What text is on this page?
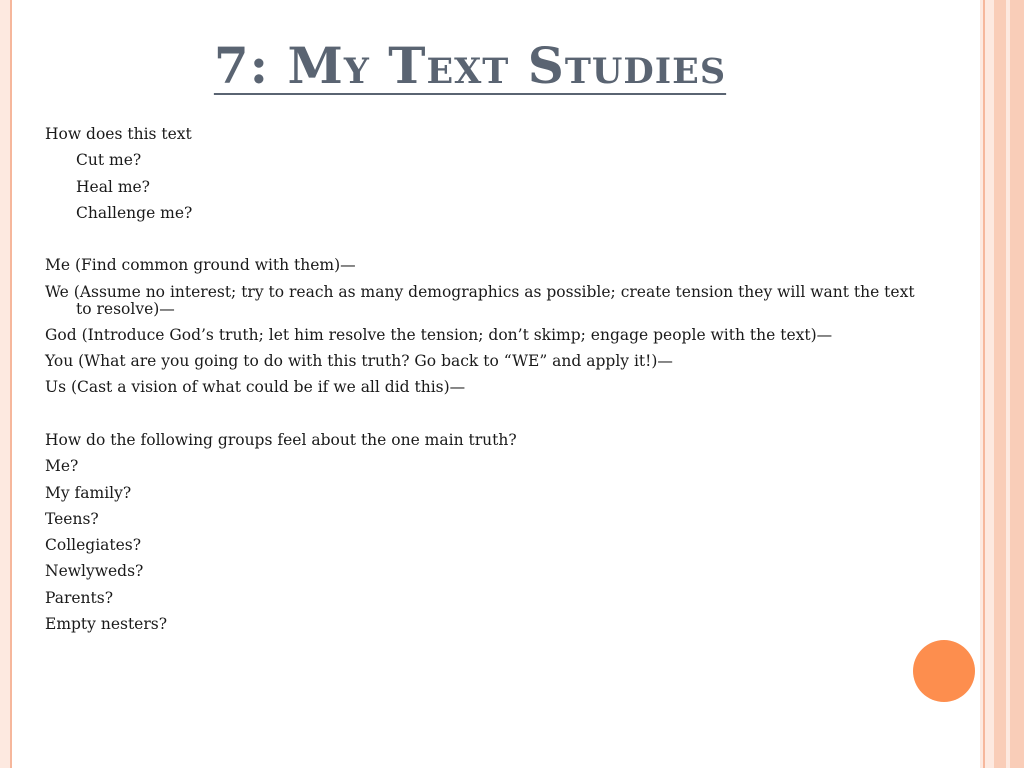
7: My Text Studies
How does this text
Cut me?
Heal me?
Challenge me?
Me (Find common ground with them)—
We (Assume no interest; try to reach as many demographics as possible; create tension they will want the text to resolve)—
God (Introduce God’s truth; let him resolve the tension; don’t skimp; engage people with the text)—
You (What are you going to do with this truth? Go back to “WE” and apply it!)—
Us (Cast a vision of what could be if we all did this)—
How do the following groups feel about the one main truth?
Me?
My family?
Teens?
Collegiates?
Newlyweds?
Parents?
Empty nesters?
